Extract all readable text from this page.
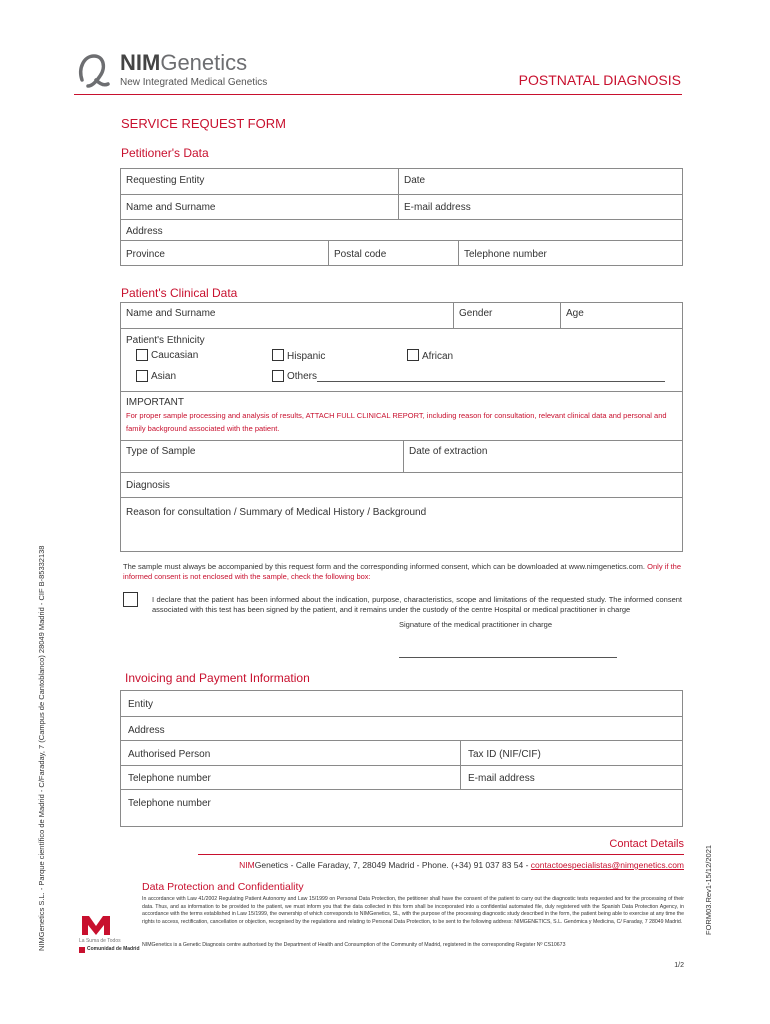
NIMGenetics
New Integrated Medical Genetics	POSTNATAL DIAGNOSIS
SERVICE REQUEST FORM
Petitioner's Data
Requesting Entity	Date
Name and Surname	E-mail address
Address
Province	Postal code	Telephone number
Patient's Clinical Data
Name and Surname	Gender	Age
Patient's Ethnicity
Caucasian	Hispanic	African
Asian	Others
IMPORTANT
For proper sample processing and analysis of results, ATTACH FULL CLINICAL REPORT, including reason for consultation, relevant clinical data and personal and family background associated with the patient.
Type of Sample	Date of extraction
Diagnosis
Reason for consultation / Summary of Medical History / Background
The sample must always be accompanied by this request form and the corresponding informed consent, which can be downloaded at www.nimgenetics.com. Only if the informed consent is not enclosed with the sample, check the following box:
I declare that the patient has been informed about the indication, purpose, characteristics, scope and limitations of the requested study. The informed consent associated with this test has been signed by the patient, and it remains under the custody of the centre Hospital or medical practitioner in charge
Signature of the medical practitioner in charge
Invoicing and Payment Information
Entity
Address
Authorised Person	Tax ID (NIF/CIF)
Telephone number	E-mail address
Telephone number
Contact Details
NIMGenetics - Calle Faraday, 7, 28049 Madrid - Phone. (+34) 91 037 83 54 - contactoespecialistas@nimgenetics.com
Data Protection and Confidentiality
In accordance with Law 41/2002 Regulating Patient Autonomy and Law 15/1999 on Personal Data Protection, the petitioner shall have the consent of the patient to carry out the diagnostic tests requested and for the processing of their data. Thus, and as information to be provided to the patient, we must inform you that the data collected in this form shall be incorporated into a confidential automated file, duly registered with the Spanish Data Protection Agency, in accordance with the terms established in Law 15/1999, the ownership of which corresponds to NIMGenetics, SL, with the purpose of the processing diagnostic study described in the form, the patient being able to exercise at any time the rights to access, rectification, cancellation or objection, recognised by the regulations and relating to Personal Data Protection, to be sent to the following address: NIMGENETICS, S.L. Genómica y Medicina, C/ Faraday, 7 28049 Madrid.
NIMGenetics is a Genetic Diagnosis centre authorised by the Department of Health and Consumption of the Community of Madrid, registered in the corresponding Register Nº CS10673
La Suma de Todos
Comunidad de Madrid
1/2
NIMGenetics S.L. - Parque científico de Madrid - C/Faraday, 7 (Campus de Cantoblanco) 28049 Madrid - CIF B-85332138	FORM03.Rev1-15/12/2021
